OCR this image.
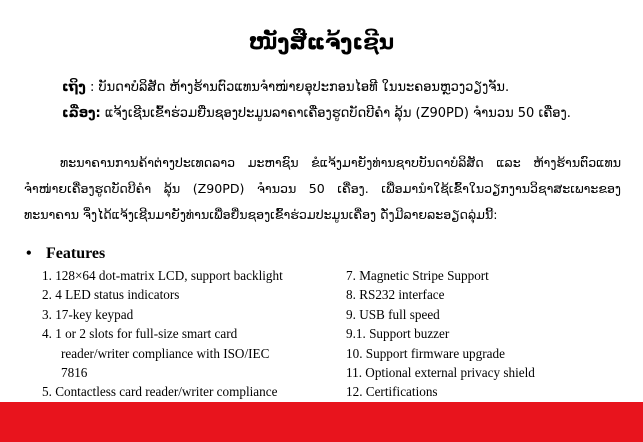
ໜັງສືແຈ້ງເຊີນ
ເຖິງ : ບັນດາບໍລິສັດ ຫ້າງຮ້ານຕົວແທນຈຳໜ່າຍອຸປະກອນໄອທີ ໃນນະຄອນຫຼວງວຽງຈັນ.
ເລື່ອງ: ແຈ້ງເຊີນເຂົ້າຮ່ວມຍື່ນຊອງປະມູນລາຄາເຄື່ອງຮູດບັດບີຄຳ ລຸ້ນ (Z90PD) ຈຳນວນ 50 ເຄື່ອງ.
ທະນາຄານການຄ້າຕ່າງປະເທດລາວ ມະຫາຊົນ ຂໍແຈ້ງມາຍັງທ່ານຊາບບັນດາບໍລິສັດ ແລະ ຫ້າງຮ້ານຕົວແທນຈຳໜ່າຍເຄື່ອງຮູດບັດບີຄຳ ລຸ້ນ (Z90PD) ຈຳນວນ 50 ເຄື່ອງ. ເພື່ອມານຳໃຊ້ເຂົ້າໃນວຽກງານວິຊາສະເພາະຂອງ ທະນາຄານ ຈຶ່ງໄດ້ແຈ້ງເຊີນມາຍັງທ່ານເພື່ອຍື່ນຊອງເຂົ້າຮ່ວມປະມູນເຄື່ອງ ດັ່ງມີລາຍລະອຽດລຸ່ມນີ້:
• Features
1. 128×64 dot-matrix LCD, support backlight
2. 4 LED status indicators
3. 17-key keypad
4. 1 or 2 slots for full-size smart card
reader/writer compliance with ISO/IEC
7816
5. Contactless card reader/writer compliance
7. Magnetic Stripe Support
8. RS232 interface
9. USB full speed
9.1. Support buzzer
10. Support firmware upgrade
11. Optional external privacy shield
12. Certifications
